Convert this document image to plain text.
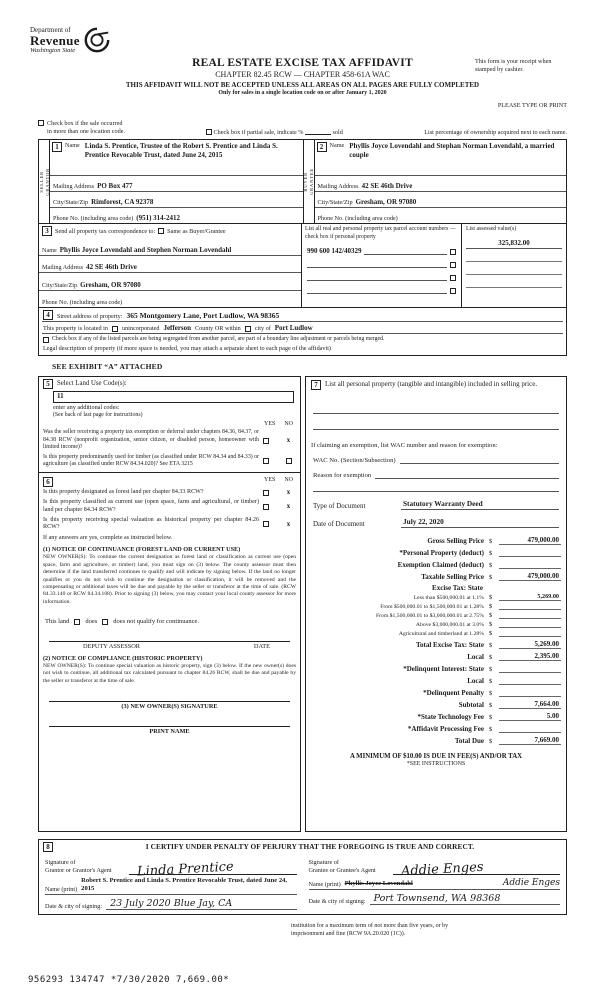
Department of
Revenue
Washington State
REAL ESTATE EXCISE TAX AFFIDAVIT
CHAPTER 82.45 RCW — CHAPTER 458-61A WAC
THIS AFFIDAVIT WILL NOT BE ACCEPTED UNLESS ALL AREAS ON ALL PAGES ARE FULLY COMPLETED
Only for sales in a single location code on or after January 1, 2020
This form is your receipt when stamped by cashier.
PLEASE TYPE OR PRINT
Check box if the sale occurred
in more than one location code.	Check box if partial sale, indicate %	sold	List percentage of ownership acquired next to each name.
SELLER GRANTOR
1	Name Linda S. Prentice, Trustee of the Robert S. Prentice and Linda S. Prentice Revocable Trust, dated June 24, 2015
Mailing Address PO Box 477
City/State/Zip Rimforest, CA 92378
Phone No. (including area code) (951) 314-2412
BUYER GRANTEE
2	Name Phyllis Joyce Lovendahl and Stephan Norman Lovendahl, a married couple
Mailing Address 42 SE 46th Drive
City/State/Zip Gresham, OR 97080
Phone No. (including area code)
3	Send all property tax correspondence to: Same as Buyer/Grantee
Name Phyllis Joyce Lovendahl and Stephen Norman Lovendahl
Mailing Address 42 SE 46th Drive
City/State/Zip Gresham, OR 97080
Phone No. (including area code)
List all real and personal property tax parcel account numbers — check box if personal property
990 600 142/40329
List assessed value(s)
325,832.00
4	Street address of property: 365 Montgomery Lane, Port Ludlow, WA 98365
This property is located in unincorporated Jefferson County OR within city of Port Ludlow
Check box if any of the listed parcels are being segregated from another parcel, are part of a boundary line adjustment or parcels being merged.
Legal description of property (if more space is needed, you may attach a separate sheet to each page of the affidavit)
SEE EXHIBIT “A” ATTACHED
5	Select Land Use Code(s):
11
enter any additional codes:
(See back of last page for instructions)
YES NO
Was the seller receiving a property tax exemption or deferral under chapters 84.36, 84.37, or 84.38 RCW (nonprofit organization, senior citizen, or disabled person, homeowner with limited income)?
x
Is this property predominantly used for timber (as classified under RCW 84.34 and 84.33) or agriculture (as classified under RCW 84.34.020)? See ETA 3215
6	YES NO
Is this property designated as forest land per chapter 84.33 RCW?	x
Is this property classified as current use (open space, farm and agricultural, or timber) land per chapter 84.34 RCW?	x
Is this property receiving special valuation as historical property per chapter 84.26 RCW?	x
If any answers are yes, complete as instructed below.
(1) NOTICE OF CONTINUANCE (FOREST LAND OR CURRENT USE)
NEW OWNER(S): To continue the current designation as forest land or classification as current use (open space, farm and agriculture, or timber) land, you must sign on (3) below. The county assessor must then determine if the land transferred continues to qualify and will indicate by signing below. If the land no longer qualifies or you do not wish to continue the designation or classification, it will be removed and the compensating or additional taxes will be due and payable by the seller or transferor at the time of sale. (RCW 84.33.140 or RCW 84.34.108). Prior to signing (3) below, you may contact your local county assessor for more information.
This land does does not qualify for continuance.
DEPUTY ASSESSOR	DATE
(2) NOTICE OF COMPLIANCE (HISTORIC PROPERTY)
NEW OWNER(S): To continue special valuation as historic property, sign (3) below. If the new owner(s) does not wish to continue, all additional tax calculated pursuant to chapter 84.26 RCW, shall be due and payable by the seller or transferor at the time of sale.
(3) NEW OWNER(S) SIGNATURE
PRINT NAME
7	List all personal property (tangible and intangible) included in selling price.
If claiming an exemption, list WAC number and reason for exemption:
WAC No. (Section/Subsection)
Reason for exemption
Type of Document	Statutory Warranty Deed
Date of Document	July 22, 2020
Gross Selling Price $	479,000.00
*Personal Property (deduct) $
Exemption Claimed (deduct) $
Taxable Selling Price $	479,000.00
Excise Tax: State
Less than $500,000.01 at 1.1% $	5,269.00
From $500,000.01 to $1,500,000.01 at 1.28% $
From $1,500,000.01 to $3,000,000.01 at 2.75% $
Above $3,000,000.01 at 3.0% $
Agricultural and timberland at 1.28% $
Total Excise Tax: State $	5,269.00
Local $	2,395.00
*Delinquent Interest: State $
Local $
*Delinquent Penalty $
Subtotal $	7,664.00
*State Technology Fee $	5.00
*Affidavit Processing Fee $
Total Due $	7,669.00
A MINIMUM OF $10.00 IS DUE IN FEE(S) AND/OR TAX
*SEE INSTRUCTIONS
8	I CERTIFY UNDER PENALTY OF PERJURY THAT THE FOREGOING IS TRUE AND CORRECT.
Signature of
Grantor or Grantor's Agent	Linda Prentice
Name (print)
Robert S. Prentice and Linda S. Prentice Revocable Trust, dated June 24, 2015
Date & city of signing: 23 July 2020 Blue Jay, CA
Signature of
Grantee or Grantee's Agent	Addie Enges
Name (print) Phyllis Joyce Lovendahl	Addie Enges
Date & city of signing: Port Townsend, WA 98368
institution for a maximum term of not more than five years, or by
imprisonment and fine (RCW 9A.20.020 (1C)).
956293 134747 *7/30/2020 7,669.00*
